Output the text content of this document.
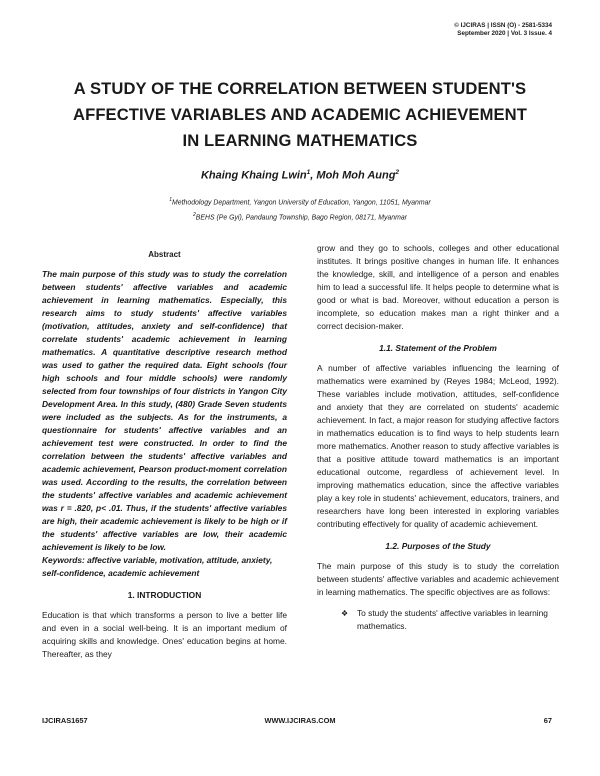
© IJCIRAS | ISSN (O) - 2581-5334
September 2020 | Vol. 3 Issue. 4
A STUDY OF THE CORRELATION BETWEEN STUDENT'S
AFFECTIVE VARIABLES AND ACADEMIC ACHIEVEMENT
IN LEARNING MATHEMATICS
Khaing Khaing Lwin$^1$, Moh Moh Aung$^2$
$^1$Methodology Department, Yangon University of Education, Yangon, 11051, Myanmar
$^2$BEHS (Pe Gyi), Pandaung Township, Bago Region, 08171, Myanmar
Abstract

The main purpose of this study was to study the correlation between students' affective variables and academic achievement in learning mathematics. Especially, this research aims to study students' affective variables (motivation, attitudes, anxiety and self-confidence) that correlate students' academic achievement in learning mathematics. A quantitative descriptive research method was used to gather the required data. Eight schools (four high schools and four middle schools) were randomly selected from four townships of four districts in Yangon City Development Area. In this study, (480) Grade Seven students were included as the subjects. As for the instruments, a questionnaire for students' affective variables and an achievement test were constructed. In order to find the correlation between the students' affective variables and academic achievement, Pearson product-moment correlation was used. According to the results, the correlation between the students' affective variables and academic achievement was r = .820, p< .01. Thus, if the students' affective variables are high, their academic achievement is likely to be high or if the students' affective variables are low, their academic achievement is likely to be low.

Keywords: affective variable, motivation, attitude, anxiety, self-confidence, academic achievement

1. INTRODUCTION

Education is that which transforms a person to live a better life and even in a social well-being. It is an important medium of acquiring skills and knowledge. Ones' education begins at home. Thereafter, as they

grow and they go to schools, colleges and other educational institutes. It brings positive changes in human life. It enhances the knowledge, skill, and intelligence of a person and enables him to lead a successful life. It helps people to determine what is good or what is bad. Moreover, without education a person is incomplete, so education makes man a right thinker and a correct decision-maker.

1.1. Statement of the Problem

A number of affective variables influencing the learning of mathematics were examined by (Reyes 1984; McLeod, 1992). These variables include motivation, attitudes, self-confidence and anxiety that they are correlated on students' academic achievement. In fact, a major reason for studying affective factors in mathematics education is to find ways to help students learn more mathematics. Another reason to study affective variables is that a positive attitude toward mathematics is an important educational outcome, regardless of achievement level. In improving mathematics education, since the affective variables play a key role in students' achievement, educators, trainers, and researchers have long been interested in exploring variables contributing effectively for quality of academic achievement.

1.2. Purposes of the Study

The main purpose of this study is to study the correlation between students' affective variables and academic achievement in learning mathematics. The specific objectives are as follows:

❖	To study the students' affective variables in learning mathematics.
IJCIRAS1657	WWW.IJCIRAS.COM	67
